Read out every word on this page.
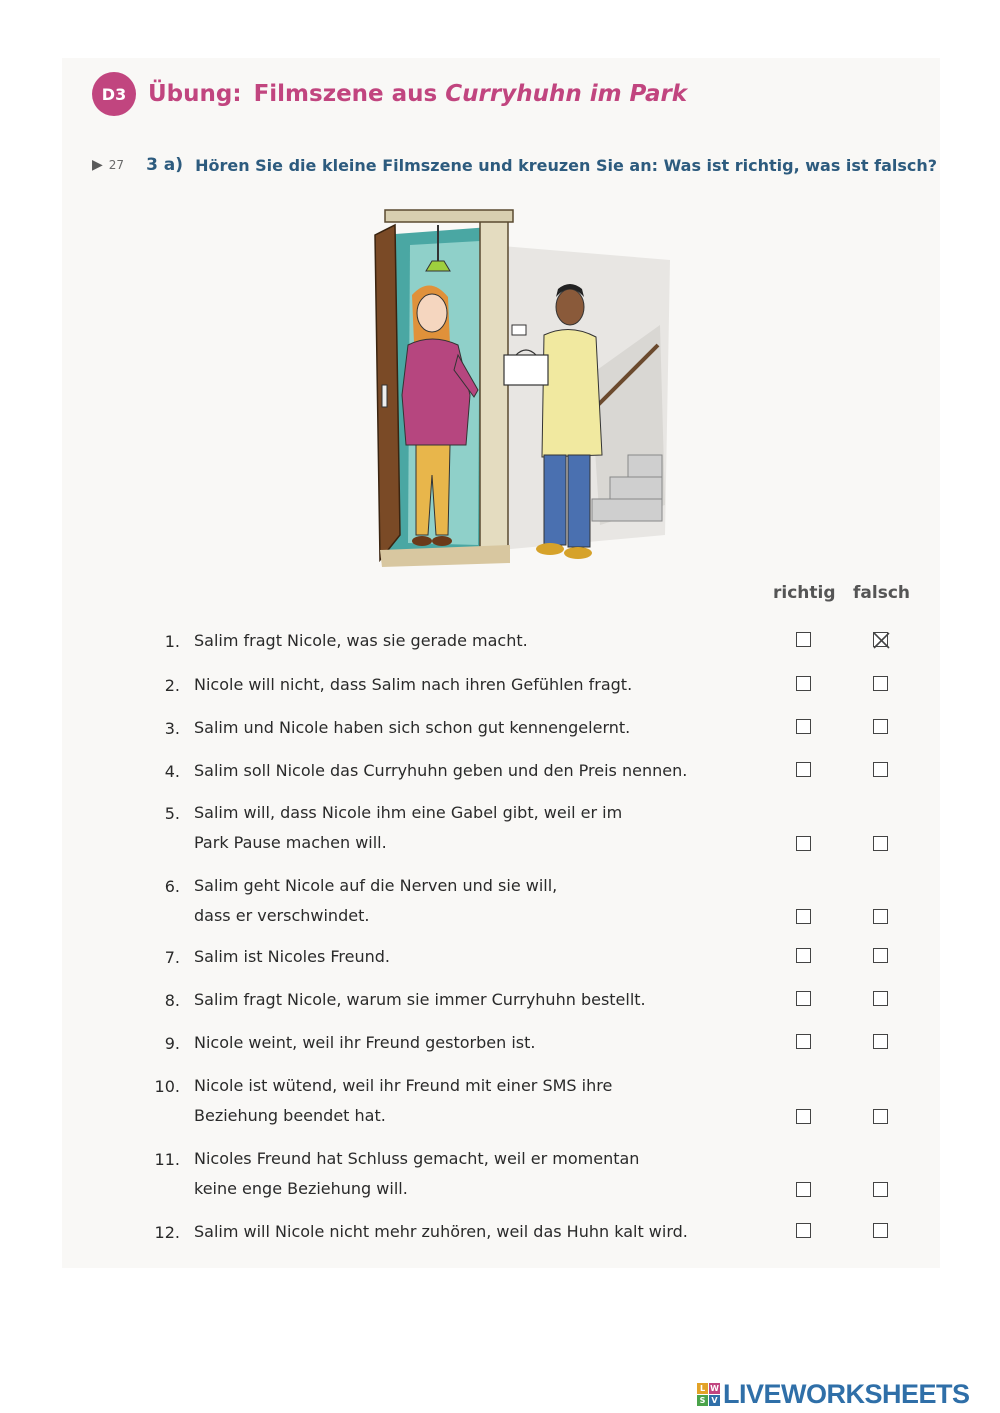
D3 Übung: Filmszene aus Curryhuhn im Park
▶ 27 3 a) Hören Sie die kleine Filmszene und kreuzen Sie an: Was ist richtig, was ist falsch?
richtig falsch
1. Salim fragt Nicole, was sie gerade macht.
2. Nicole will nicht, dass Salim nach ihren Gefühlen fragt.
3. Salim und Nicole haben sich schon gut kennengelernt.
4. Salim soll Nicole das Curryhuhn geben und den Preis nennen.
5. Salim will, dass Nicole ihm eine Gabel gibt, weil er im
Park Pause machen will.
6. Salim geht Nicole auf die Nerven und sie will,
dass er verschwindet.
7. Salim ist Nicoles Freund.
8. Salim fragt Nicole, warum sie immer Curryhuhn bestellt.
9. Nicole weint, weil ihr Freund gestorben ist.
10. Nicole ist wütend, weil ihr Freund mit einer SMS ihre
Beziehung beendet hat.
11. Nicoles Freund hat Schluss gemacht, weil er momentan
keine enge Beziehung will.
12. Salim will Nicole nicht mehr zuhören, weil das Huhn kalt wird.
L W
S V LIVEWORKSHEETS
